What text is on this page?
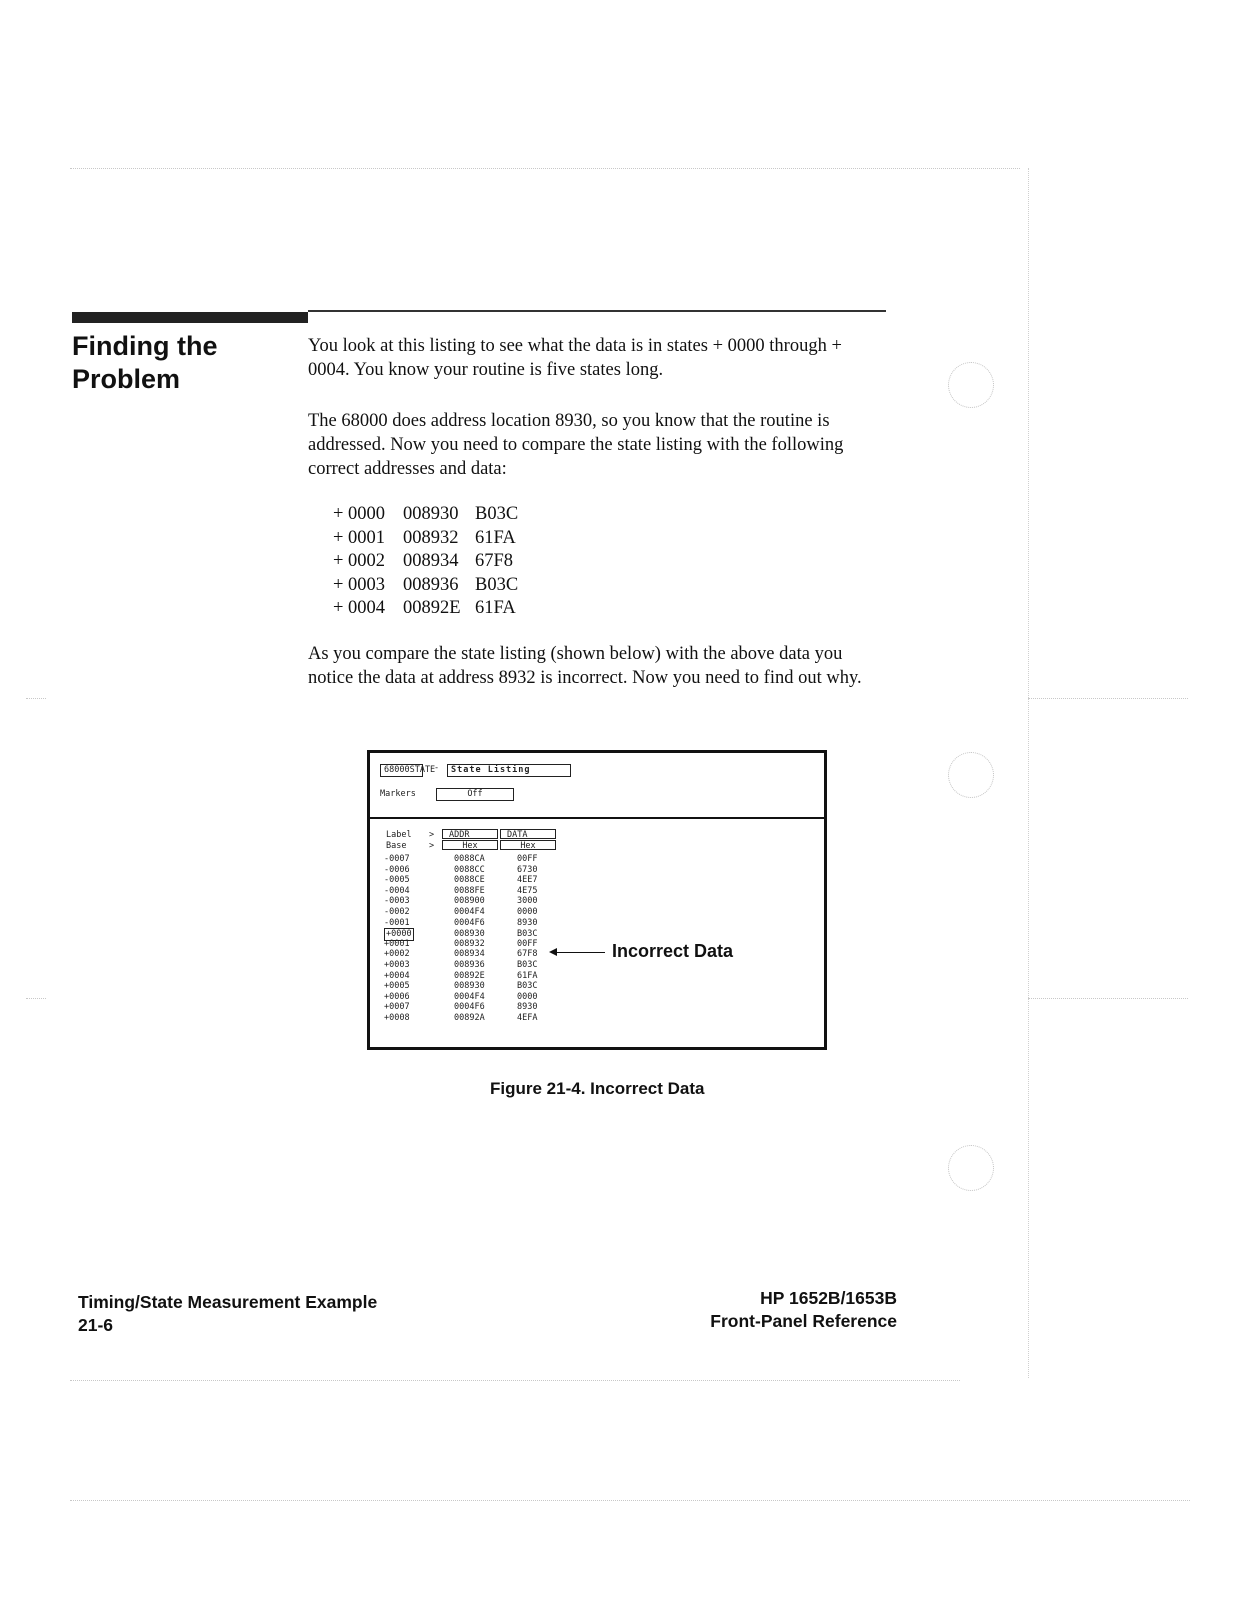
Finding the
Problem

You look at this listing to see what the data is in states + 0000 through + 0004. You know your routine is five states long.

The 68000 does address location 8930, so you know that the routine is addressed. Now you need to compare the state listing with the following correct addresses and data:

+ 0000 008930 B03C
+ 0001 008932 61FA
+ 0002 008934 67F8
+ 0003 008936 B03C
+ 0004 00892E 61FA

As you compare the state listing (shown below) with the above data you notice the data at address 8932 is incorrect. Now you need to find out why.

68000STATE
-	State Listing
Markers	Off
Label >
Base	>
ADDR	DATA
Hex	Hex
-0007	0088CA	00FF
-0006	0088CC	6730
-0005	0088CE	4EE7
-0004	0088FE	4E75
-0003	008900	3000
-0002	0004F4	0000
-0001	0004F6	8930
+0000	008930	B03C
+0001	008932	00FF
+0002	008934	67F8
+0003	008936	B03C
+0004	00892E	61FA
+0005	008930	B03C
+0006	0004F4	0000
+0007	0004F6	8930
+0008	00892A	4EFA
Incorrect Data
Figure 21-4. Incorrect Data
Timing/State Measurement Example
21-6
HP 1652B/1653B
Front-Panel Reference
